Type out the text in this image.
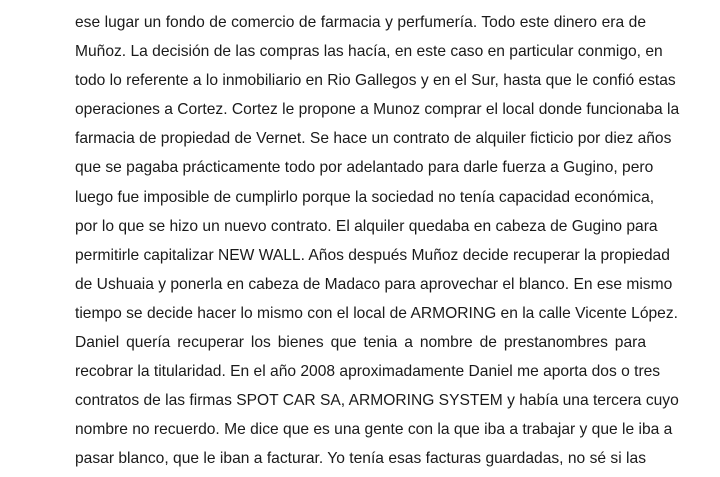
ese lugar un fondo de comercio de farmacia y perfumería. Todo este dinero era de
Muñoz. La decisión de las compras las hacía, en este caso en particular conmigo, en
todo lo referente a lo inmobiliario en Rio Gallegos y en el Sur, hasta que le confió estas
operaciones a Cortez. Cortez le propone a Munoz comprar el local donde funcionaba la
farmacia de propiedad de Vernet. Se hace un contrato de alquiler ficticio por diez años
que se pagaba prácticamente todo por adelantado para darle fuerza a Gugino, pero
luego fue imposible de cumplirlo porque la sociedad no tenía capacidad económica,
por lo que se hizo un nuevo contrato. El alquiler quedaba en cabeza de Gugino para
permitirle capitalizar NEW WALL. Años después Muñoz decide recuperar la propiedad
de Ushuaia y ponerla en cabeza de Madaco para aprovechar el blanco. En ese mismo
tiempo se decide hacer lo mismo con el local de ARMORING en la calle Vicente López.
Daniel quería recuperar los bienes que tenia a nombre de prestanombres para
recobrar la titularidad. En el año 2008 aproximadamente Daniel me aporta dos o tres
contratos de las firmas SPOT CAR SA, ARMORING SYSTEM y había una tercera cuyo
nombre no recuerdo. Me dice que es una gente con la que iba a trabajar y que le iba a
pasar blanco, que le iban a facturar. Yo tenía esas facturas guardadas, no sé si las
